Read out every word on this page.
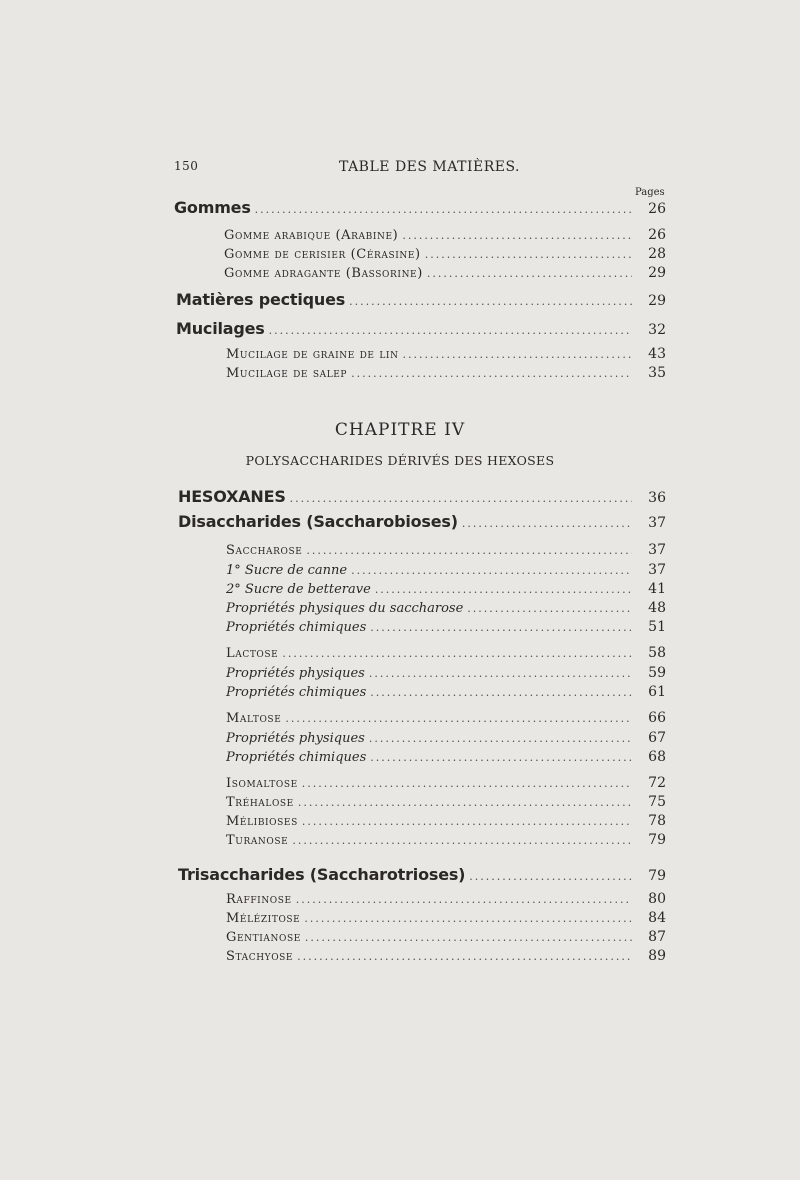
150	TABLE DES MATIÈRES.
Pages
Gommes .....	26
Gomme arabique (Arabine) .....	26
Gomme de cerisier (Cérasine) .....	28
Gomme adragante (Bassorine) .....	29
Matières pectiques .....	29
Mucilages .....	32
Mucilage de graine de lin .....	43
Mucilage de salep .....	35
CHAPITRE IV
POLYSACCHARIDES DÉRIVÉS DES HEXOSES
HESOXANES .....	36
Disaccharides (Saccharobioses) .....	37
Saccharose .....	37
1° Sucre de canne .....	37
2° Sucre de betterave .....	41
Propriétés physiques du saccharose .....	48
Propriétés chimiques .....	51
Lactose .....	58
Propriétés physiques .....	59
Propriétés chimiques .....	61
Maltose .....	66
Propriétés physiques .....	67
Propriétés chimiques .....	68
Isomaltose .....	72
Tréhalose .....	75
Mélibioses .....	78
Turanose .....	79
Trisaccharides (Saccharotrioses) .....	79
Raffinose .....	80
Mélézitose .....	84
Gentianose .....	87
Stachyose .....	89
